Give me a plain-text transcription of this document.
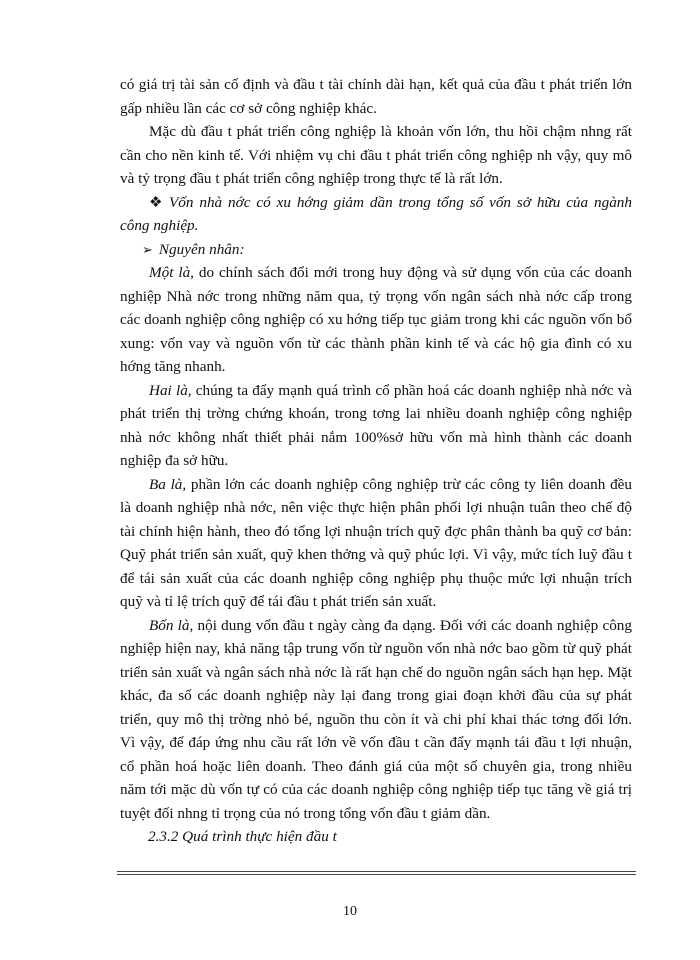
có giá trị tài sản cố định và đầu t tài chính dài hạn, kết quả của đầu t phát triển lớn gấp nhiều lần các cơ sở công nghiệp khác.

Mặc dù đầu t phát triển công nghiệp là khoản vốn lớn, thu hồi chậm nhng rất cần cho nền kinh tế. Với nhiệm vụ chi đầu t phát triển công nghiệp nh vậy, quy mô và tỷ trọng đầu t phát triển công nghiệp trong thực tế là rất lớn.

❖ Vốn nhà nớc có xu hớng giảm dần trong tổng số vốn sở hữu của ngành công nghiệp.

➢ Nguyên nhân:

Một là, do chính sách đổi mới trong huy động và sử dụng vốn của các doanh nghiệp Nhà nớc trong những năm qua, tỷ trọng vốn ngân sách nhà nớc cấp trong các doanh nghiệp công nghiệp có xu hớng tiếp tục giảm trong khi các nguồn vốn bổ xung: vốn vay và nguồn vốn từ các thành phần kinh tế và các hộ gia đình có xu hớng tăng nhanh.

Hai là, chúng ta đẩy mạnh quá trình cổ phần hoá các doanh nghiệp nhà nớc và phát triển thị trờng chứng khoán, trong tơng lai nhiều doanh nghiệp công nghiệp nhà nớc không nhất thiết phải nắm 100%sở hữu vốn mà hình thành các doanh nghiệp đa sở hữu.

Ba là, phần lớn các doanh nghiệp công nghiệp trừ các công ty liên doanh đều là doanh nghiệp nhà nớc, nên việc thực hiện phân phối lợi nhuận tuân theo chế độ tài chính hiện hành, theo đó tổng lợi nhuận trích quỹ đợc phân thành ba quỹ cơ bản: Quỹ phát triển sản xuất, quỹ khen thởng và quỹ phúc lợi. Vì vậy, mức tích luỹ đầu t để tái sản xuất của các doanh nghiệp công nghiệp phụ thuộc mức lợi nhuận trích quỹ và tỉ lệ trích quỹ để tái đầu t phát triển sản xuất.

Bốn là, nội dung vốn đầu t ngày càng đa dạng. Đối với các doanh nghiệp công nghiệp hiện nay, khả năng tập trung vốn từ nguồn vốn nhà nớc bao gồm từ quỹ phát triển sản xuất và ngân sách nhà nớc là rất hạn chế do nguồn ngân sách hạn hẹp. Mặt khác, đa số các doanh nghiệp này lại đang trong giai đoạn khởi đầu của sự phát triển, quy mô thị trờng nhỏ bé, nguồn thu còn ít và chi phí khai thác tơng đối lớn. Vì vậy, để đáp ứng nhu cầu rất lớn về vốn đầu t cần đẩy mạnh tái đầu t lợi nhuận, cổ phần hoá hoặc liên doanh. Theo đánh giá của một số chuyên gia, trong nhiều năm tới mặc dù vốn tự có của các doanh nghiệp công nghiệp tiếp tục tăng về giá trị tuyệt đối nhng tỉ trọng của nó trong tổng vốn đầu t giảm dần.

2.3.2 Quá trình thực hiện đầu t

10
